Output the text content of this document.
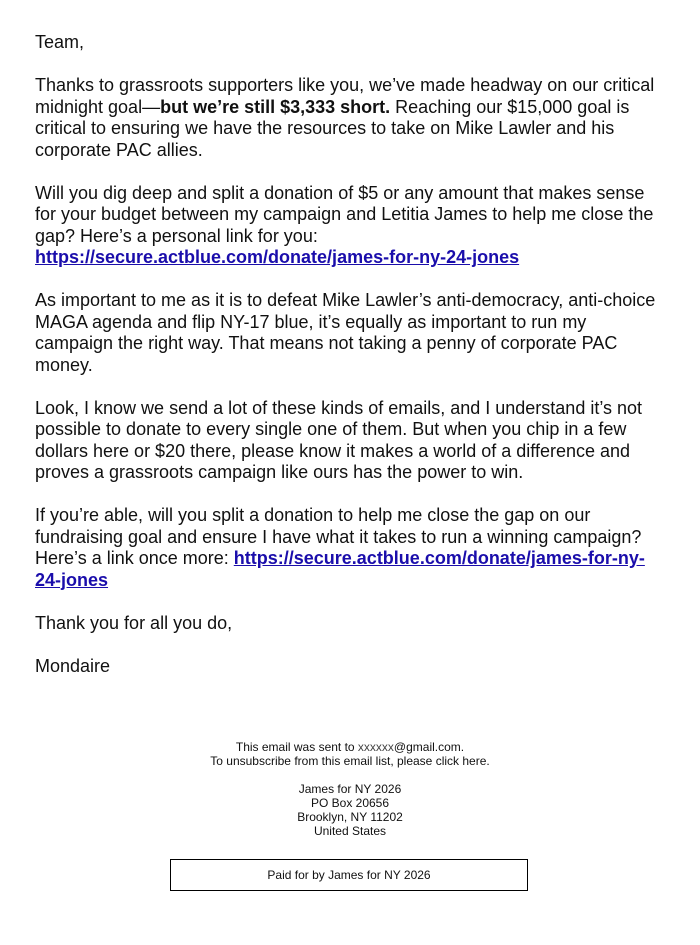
Team,

Thanks to grassroots supporters like you, we’ve made headway on our critical midnight goal—but we’re still $3,333 short. Reaching our $15,000 goal is critical to ensuring we have the resources to take on Mike Lawler and his corporate PAC allies.

Will you dig deep and split a donation of $5 or any amount that makes sense for your budget between my campaign and Letitia James to help me close the gap? Here’s a personal link for you:
https://secure.actblue.com/donate/james-for-ny-24-jones

As important to me as it is to defeat Mike Lawler’s anti-democracy, anti-choice MAGA agenda and flip NY-17 blue, it’s equally as important to run my campaign the right way. That means not taking a penny of corporate PAC money.

Look, I know we send a lot of these kinds of emails, and I understand it’s not possible to donate to every single one of them. But when you chip in a few dollars here or $20 there, please know it makes a world of a difference and proves a grassroots campaign like ours has the power to win.

If you’re able, will you split a donation to help me close the gap on our fundraising goal and ensure I have what it takes to run a winning campaign? Here’s a link once more: https://secure.actblue.com/donate/james-for-ny-24-jones

Thank you for all you do,

Mondaire

This email was sent to xxxxxx@gmail.com.

To unsubscribe from this email list, please click here.

James for NY 2026

PO Box 20656

Brooklyn, NY 11202

United States

Paid for by James for NY 2026
